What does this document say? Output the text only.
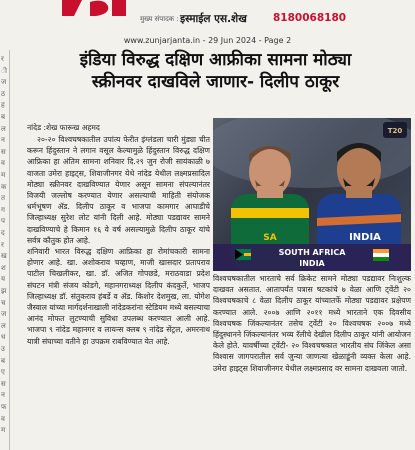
मुख्य संपादक : इस्माईल एस.शेख 8180068180
www.zunjarjanta.in - 29 Jun 2024 - Page 2
र
ी
ज
ठ
ह
ब
ल
न
स
व
म
क
त
ग
प
द
र
ख
श
य
झ
च
ज
ल
ध
उ
ब
ए
स
न
फ
व
म
इंडिया विरुद्ध दक्षिण आफ्रीका सामना मोठ्या
स्क्रीनवर दाखविले जाणार- दिलीप ठाकूर
नांदेड :शेख फारूख अहमद

२०-२० विश्वचषकातील उपांत्य फेरीत इंग्लंडला चारी मुंड्या चीत करून हिंदुस्तान ने लगान वसूल केल्यामुळे हिंदुस्तान विरुद्ध दक्षिण आफ्रिका हा अंतिम सामना शनिवार दि.२९ जुन रोजी सायंकाळी ७ वाजता उमेरा हाइट्स, शिवाजीनगर येथे नांदेड येथील लक्ष्मप्रसादिल मोठ्या स्क्रीनवर दाखविण्यात येणार असून सामना संपल्यानंतर विजयी जल्लोष करण्यात येणार असल्याची माहिती संयोजक धर्मभूषण ॲड. दिलीप ठाकूर व भाजपा कामगार आघाडीचे जिल्हाध्यक्ष सुरेश लोट यांनी दिली आहे. मोठ्या पडद्यावर सामने दाखविण्याचे हे किमान १६ वे वर्ष असल्यामुळे दिलीप ठाकूर यांचे सर्वत्र कौतुक होत आहे.

शनिवारी भारत विरुद्ध दक्षिण आफ्रिका हा रोमांचकारी सामना होणार आहे. खा. अशोकराव चव्हाण, माजी खासदार प्रतापराव पाटील चिखलीकर, खा. डॉ. अजित गोपछडे, मराठवाडा प्रदेश संघटन मंत्री संजय कोडगे, महानगराध्यक्ष दिलीप कंदकुर्ते, भाजप जिल्हाध्यक्ष डॉ. संतुकराव हंबर्डे व ॲड. किशोर देशमुख, ला. योगेश जैस्वाल यांच्या मार्गदर्शनाखाली नांदेडकरांना स्टेडियम मध्ये बसल्याचा आनंद मोफत लुटण्याची सुविधा उपलब्ध करण्यात आली आहे. भाजपा ९ नांदेड महानगर व लायन्स क्लब ९ नांदेड सेंट्रल, अमरनाथ यात्री संघाच्या वतीने हा उपक्रम राबविण्यात येत आहे.

SA	INDIA
T20
SOUTH AFRICA
INDIA

विश्वचषकातील भारताचे सर्व क्रिकेट सामने मोठ्या पडद्यावर निःशुल्क दाखवत असतात. आतापर्यंत पत्रास षटकांचे ७ वेळा आणि ट्वेंटी २० विश्वचषकाचे ८ वेळा दिलीप ठाकूर यांच्यातर्फे मोठ्या पडद्यावर प्रक्षेपण करण्यात आले. २००७ आणि २०११ मध्ये भारताने एक दिवसीय विश्वचषक जिंकल्यानंतर तसेच ट्वेंटी २० विश्वचषक २००७ मध्ये हिंदुस्थानने जिंकल्यानंतर भव्य रॅलीचे देखील दिलीप ठाकूर यांनी आयोजन केले होते. यावर्षीच्या ट्वेंटी- २० विश्वचषकात भारतीय संघ जिंकेल असा विश्वास जागपरातील सर्व जुन्या जाणत्या खेळाडूंनी व्यक्त केला आहे. उमेरा हाइट्स शिवाजीनगर येथील लक्ष्मप्रसाद वर सामना दाखवला जातो.
